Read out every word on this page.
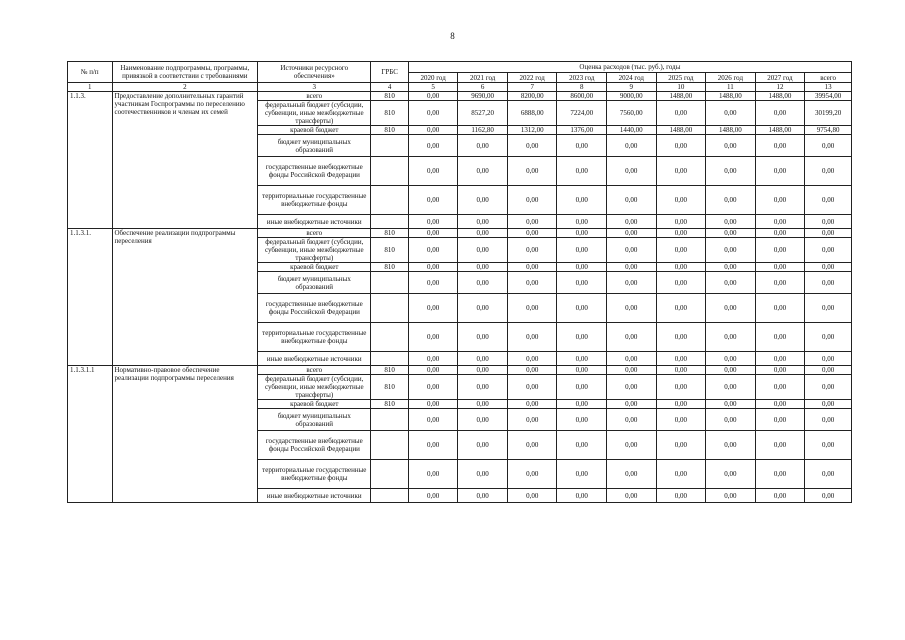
8
№ п/п	Наименование подпрограммы, программы, привязкой в соответствии с требованиями	Источники ресурсного обеспечения»	ГРБС	Оценка расходов (тыс. руб.), годы								
				2020 год	2021 год	2022 год	2023 год	2024 год	2025 год	2026 год	2027 год	всего
1	2	3	4	5	6	7	8	9	10	11	12	13
1.1.3.	Предоставление дополнительных гарантий участникам Госпрограммы по переселению соотечественников и членам их семей	всего	810	0,00	9690,00	8200,00	8600,00	9000,00	1488,00	1488,00	1488,00	39954,00
		федеральный бюджет (субсидии, субвенции, иные межбюджетные трансферты)	810	0,00	8527,20	6888,00	7224,00	7560,00	0,00	0,00	0,00	30199,20
		краевой бюджет	810	0,00	1162,80	1312,00	1376,00	1440,00	1488,00	1488,00	1488,00	9754,80
		бюджет муниципальных образований		0,00	0,00	0,00	0,00	0,00	0,00	0,00	0,00	0,00
		государственные внебюджетные фонды Российской Федерации		0,00	0,00	0,00	0,00	0,00	0,00	0,00	0,00	0,00
		территориальные государственные внебюджетные фонды		0,00	0,00	0,00	0,00	0,00	0,00	0,00	0,00	0,00
		иные внебюджетные источники		0,00	0,00	0,00	0,00	0,00	0,00	0,00	0,00	0,00
1.1.3.1.	Обеспечение реализации подпрограммы переселения	всего	810	0,00	0,00	0,00	0,00	0,00	0,00	0,00	0,00	0,00
		федеральный бюджет (субсидии, субвенции, иные межбюджетные трансферты)	810	0,00	0,00	0,00	0,00	0,00	0,00	0,00	0,00	0,00
		краевой бюджет	810	0,00	0,00	0,00	0,00	0,00	0,00	0,00	0,00	0,00
		бюджет муниципальных образований		0,00	0,00	0,00	0,00	0,00	0,00	0,00	0,00	0,00
		государственные внебюджетные фонды Российской Федерации		0,00	0,00	0,00	0,00	0,00	0,00	0,00	0,00	0,00
		территориальные государственные внебюджетные фонды		0,00	0,00	0,00	0,00	0,00	0,00	0,00	0,00	0,00
		иные внебюджетные источники		0,00	0,00	0,00	0,00	0,00	0,00	0,00	0,00	0,00
1.1.3.1.1	Нормативно-правовое обеспечение реализации подпрограммы переселения	всего	810	0,00	0,00	0,00	0,00	0,00	0,00	0,00	0,00	0,00
		федеральный бюджет (субсидии, субвенции, иные межбюджетные трансферты)	810	0,00	0,00	0,00	0,00	0,00	0,00	0,00	0,00	0,00
		краевой бюджет	810	0,00	0,00	0,00	0,00	0,00	0,00	0,00	0,00	0,00
		бюджет муниципальных образований		0,00	0,00	0,00	0,00	0,00	0,00	0,00	0,00	0,00
		государственные внебюджетные фонды Российской Федерации		0,00	0,00	0,00	0,00	0,00	0,00	0,00	0,00	0,00
		территориальные государственные внебюджетные фонды		0,00	0,00	0,00	0,00	0,00	0,00	0,00	0,00	0,00
		иные внебюджетные источники		0,00	0,00	0,00	0,00	0,00	0,00	0,00	0,00	0,00
